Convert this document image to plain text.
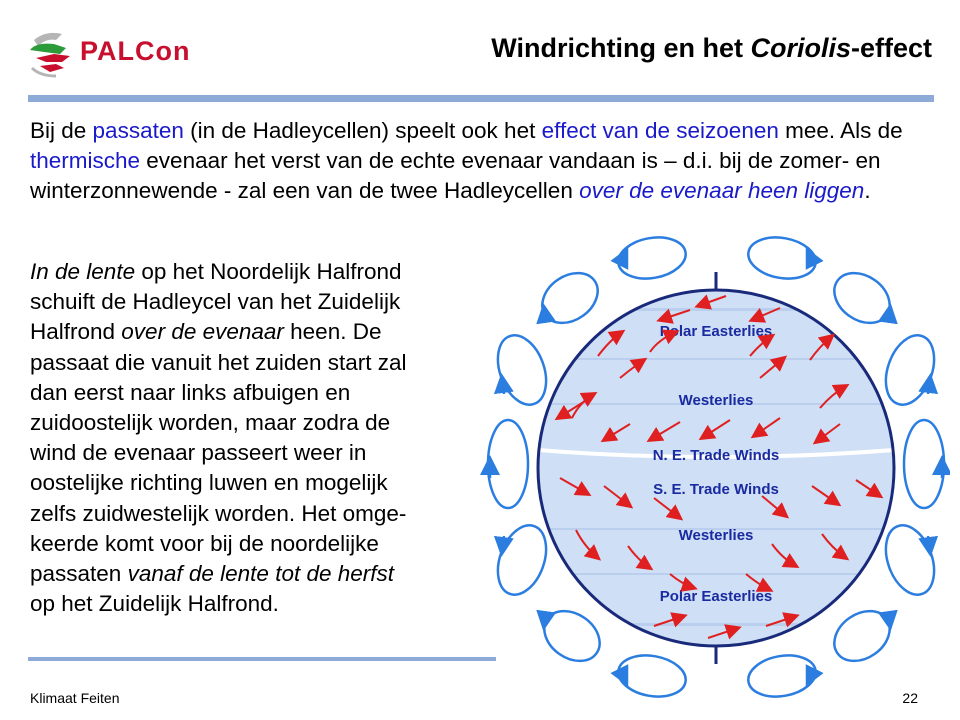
PALCon	Windrichting en het Coriolis-effect

Bij de passaten (in de Hadleycellen) speelt ook het effect van de seizoenen mee. Als de thermische evenaar het verst van de echte evenaar vandaan is – d.i. bij de zomer- en winterzonnewende - zal een van de twee Hadleycellen over de evenaar heen liggen.

In de lente op het Noordelijk Halfrond
schuift de Hadleycel van het Zuidelijk
Halfrond over de evenaar heen. De
passaat die vanuit het zuiden start zal
dan eerst naar links afbuigen en
zuidoostelijk worden, maar zodra de
wind de evenaar passeert weer in
oostelijke richting luwen en mogelijk
zelfs zuidwestelijk worden. Het omge-
keerde komt voor bij de noordelijke
passaten vanaf de lente tot de herfst
op het Zuidelijk Halfrond.
Polar Easterlies
Westerlies
N. E. Trade Winds
S. E. Trade Winds
Westerlies
Polar Easterlies
Klimaat Feiten	22
